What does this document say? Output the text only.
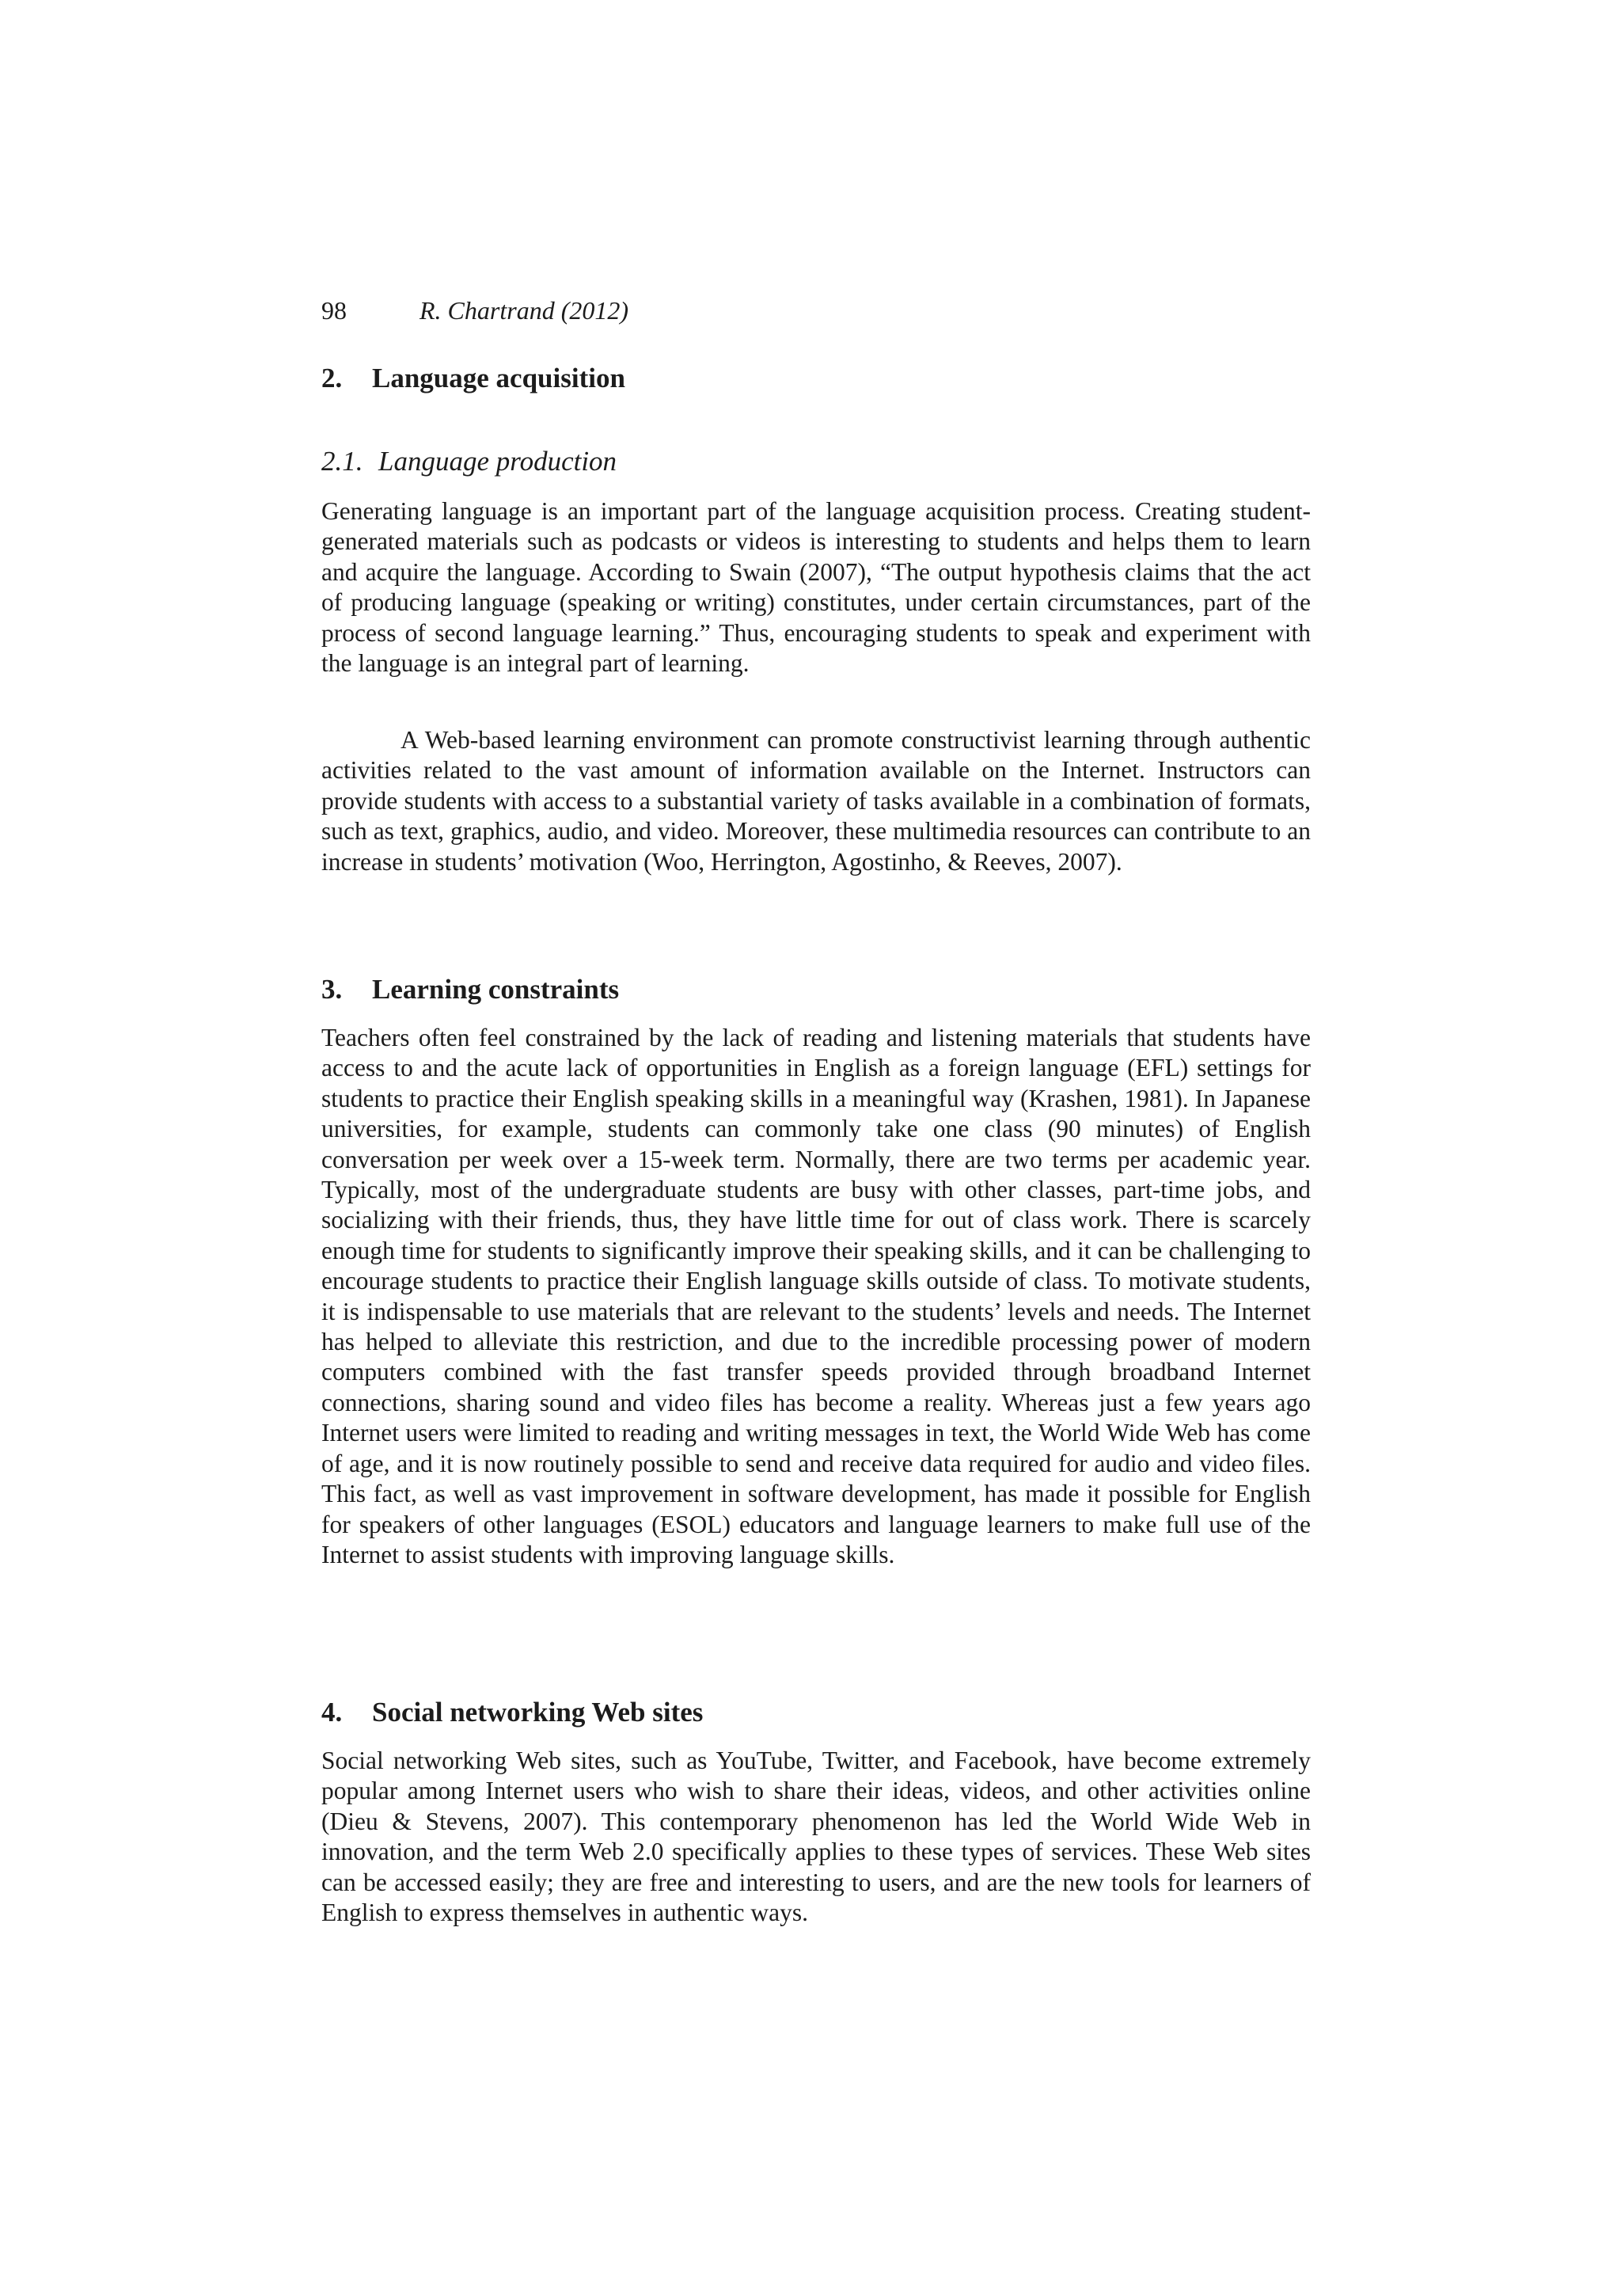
98	R. Chartrand (2012)
2. Language acquisition
2.1. Language production

Generating language is an important part of the language acquisition process. Creating student-generated materials such as podcasts or videos is interesting to students and helps them to learn and acquire the language. According to Swain (2007), “The output hypothesis claims that the act of producing language (speaking or writing) constitutes, under certain circumstances, part of the process of second language learning.” Thus, encouraging students to speak and experiment with the language is an integral part of learning.

A Web-based learning environment can promote constructivist learning through authentic activities related to the vast amount of information available on the Internet. Instructors can provide students with access to a substantial variety of tasks available in a combination of formats, such as text, graphics, audio, and video. Moreover, these multimedia resources can contribute to an increase in students’ motivation (Woo, Herrington, Agostinho, & Reeves, 2007).

3. Learning constraints

Teachers often feel constrained by the lack of reading and listening materials that students have access to and the acute lack of opportunities in English as a foreign language (EFL) settings for students to practice their English speaking skills in a meaningful way (Krashen, 1981). In Japanese universities, for example, students can commonly take one class (90 minutes) of English conversation per week over a 15-week term. Normally, there are two terms per academic year. Typically, most of the undergraduate students are busy with other classes, part-time jobs, and socializing with their friends, thus, they have little time for out of class work. There is scarcely enough time for students to significantly improve their speaking skills, and it can be challenging to encourage students to practice their English language skills outside of class. To motivate students, it is indispensable to use materials that are relevant to the students’ levels and needs. The Internet has helped to alleviate this restriction, and due to the incredible processing power of modern computers combined with the fast transfer speeds provided through broadband Internet connections, sharing sound and video files has become a reality. Whereas just a few years ago Internet users were limited to reading and writing messages in text, the World Wide Web has come of age, and it is now routinely possible to send and receive data required for audio and video files. This fact, as well as vast improvement in software development, has made it possible for English for speakers of other languages (ESOL) educators and language learners to make full use of the Internet to assist students with improving language skills.

4. Social networking Web sites

Social networking Web sites, such as YouTube, Twitter, and Facebook, have become extremely popular among Internet users who wish to share their ideas, videos, and other activities online (Dieu & Stevens, 2007). This contemporary phenomenon has led the World Wide Web in innovation, and the term Web 2.0 specifically applies to these types of services. These Web sites can be accessed easily; they are free and interesting to users, and are the new tools for learners of English to express themselves in authentic ways.
